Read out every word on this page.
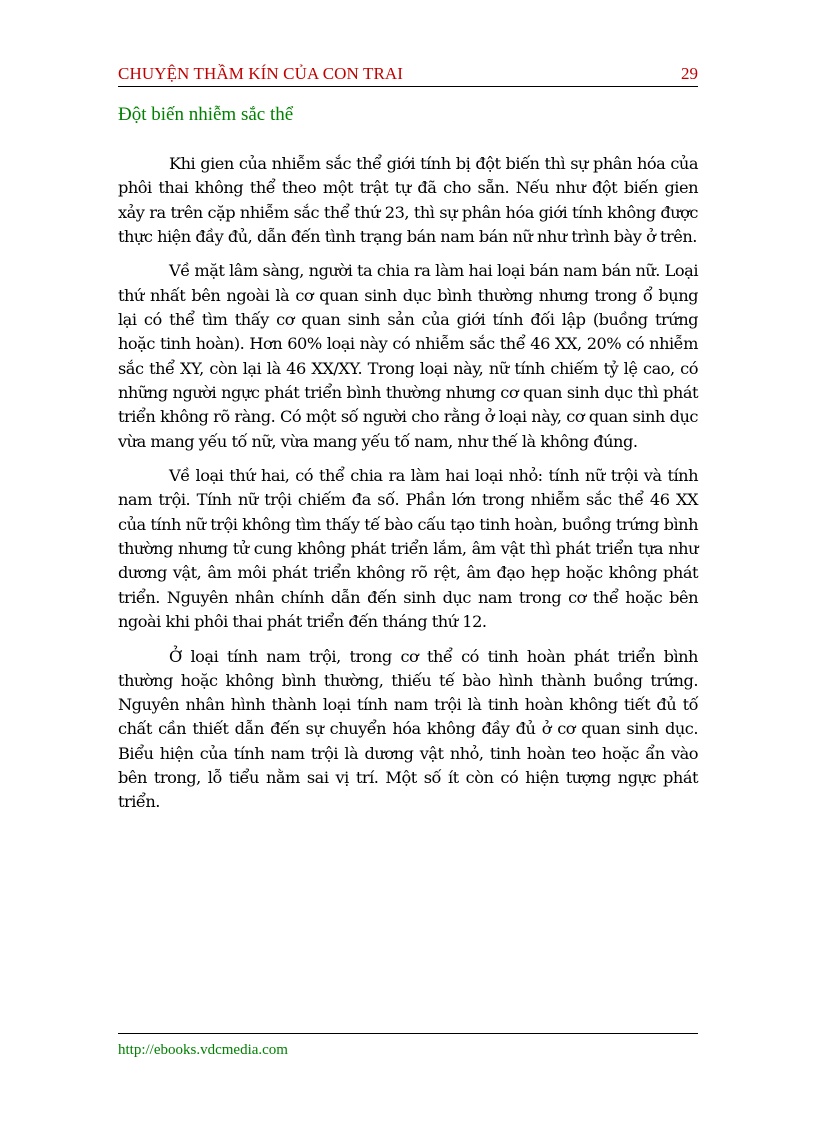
CHUYỆN THẦM KÍN CỦA CON TRAI	29
Đột biến nhiễm sắc thể

Khi gien của nhiễm sắc thể giới tính bị đột biến thì sự phân hóa của phôi thai không thể theo một trật tự đã cho sẵn. Nếu như đột biến gien xảy ra trên cặp nhiễm sắc thể thứ 23, thì sự phân hóa giới tính không được thực hiện đầy đủ, dẫn đến tình trạng bán nam bán nữ như trình bày ở trên.

Về mặt lâm sàng, người ta chia ra làm hai loại bán nam bán nữ. Loại thứ nhất bên ngoài là cơ quan sinh dục bình thường nhưng trong ổ bụng lại có thể tìm thấy cơ quan sinh sản của giới tính đối lập (buồng trứng hoặc tinh hoàn). Hơn 60% loại này có nhiễm sắc thể 46 XX, 20% có nhiễm sắc thể XY, còn lại là 46 XX/XY. Trong loại này, nữ tính chiếm tỷ lệ cao, có những người ngực phát triển bình thường nhưng cơ quan sinh dục thì phát triển không rõ ràng. Có một số người cho rằng ở loại này, cơ quan sinh dục vừa mang yếu tố nữ, vừa mang yếu tố nam, như thế là không đúng.

Về loại thứ hai, có thể chia ra làm hai loại nhỏ: tính nữ trội và tính nam trội. Tính nữ trội chiếm đa số. Phần lớn trong nhiễm sắc thể 46 XX của tính nữ trội không tìm thấy tế bào cấu tạo tinh hoàn, buồng trứng bình thường nhưng tử cung không phát triển lắm, âm vật thì phát triển tựa như dương vật, âm môi phát triển không rõ rệt, âm đạo hẹp hoặc không phát triển. Nguyên nhân chính dẫn đến sinh dục nam trong cơ thể hoặc bên ngoài khi phôi thai phát triển đến tháng thứ 12.

Ở loại tính nam trội, trong cơ thể có tinh hoàn phát triển bình thường hoặc không bình thường, thiếu tế bào hình thành buồng trứng. Nguyên nhân hình thành loại tính nam trội là tinh hoàn không tiết đủ tố chất cần thiết dẫn đến sự chuyển hóa không đầy đủ ở cơ quan sinh dục. Biểu hiện của tính nam trội là dương vật nhỏ, tinh hoàn teo hoặc ẩn vào bên trong, lỗ tiểu nằm sai vị trí. Một số ít còn có hiện tượng ngực phát triển.

http://ebooks.vdcmedia.com
